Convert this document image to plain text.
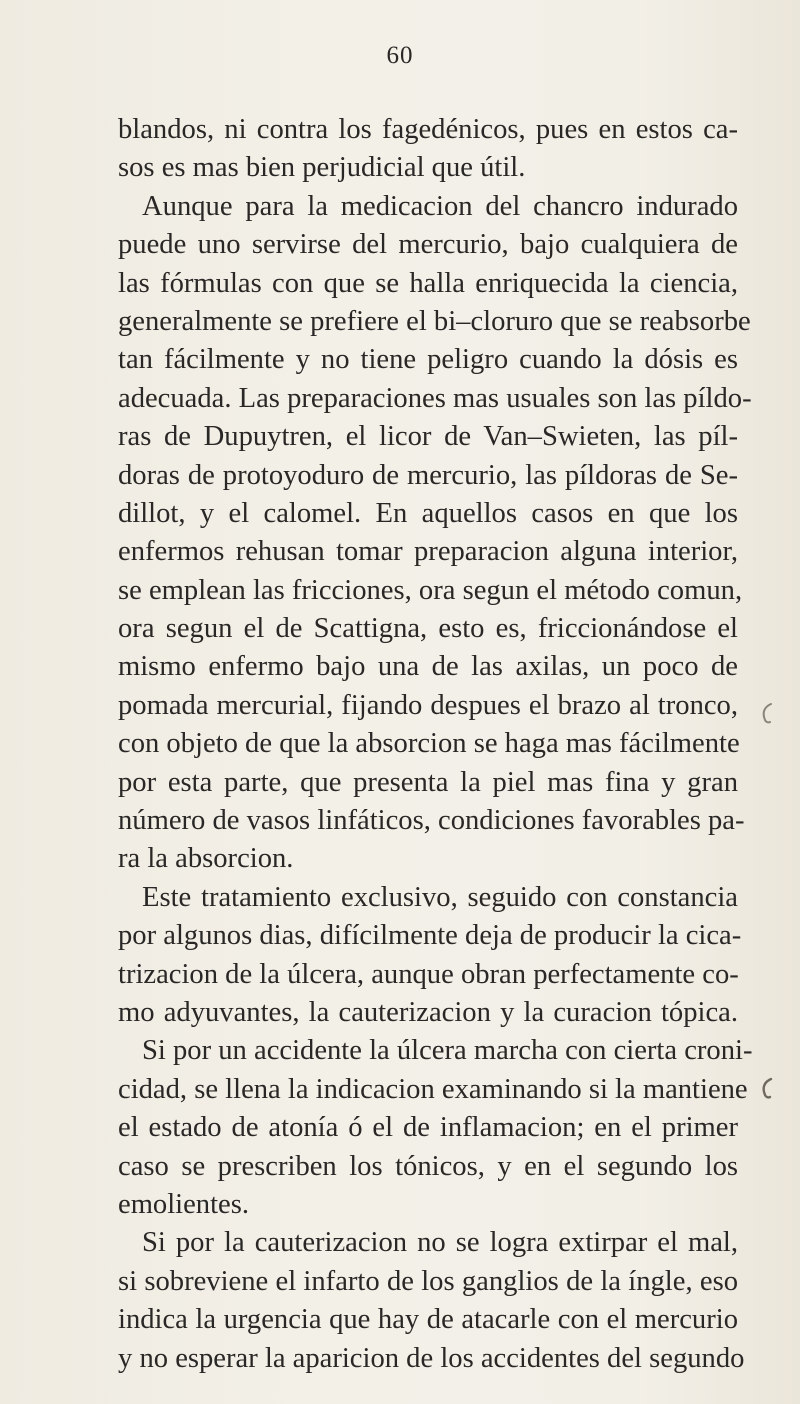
60
blandos, ni contra los fagedénicos, pues en estos ca-
sos es mas bien perjudicial que útil.
Aunque para la medicacion del chancro indurado
puede uno servirse del mercurio, bajo cualquiera de
las fórmulas con que se halla enriquecida la ciencia,
generalmente se prefiere el bi–cloruro que se reabsorbe
tan fácilmente y no tiene peligro cuando la dósis es
adecuada. Las preparaciones mas usuales son las píldo-
ras de Dupuytren, el licor de Van–Swieten, las píl-
doras de protoyoduro de mercurio, las píldoras de Se-
dillot, y el calomel. En aquellos casos en que los
enfermos rehusan tomar preparacion alguna interior,
se emplean las fricciones, ora segun el método comun,
ora segun el de Scattigna, esto es, friccionándose el
mismo enfermo bajo una de las axilas, un poco de
pomada mercurial, fijando despues el brazo al tronco,
con objeto de que la absorcion se haga mas fácilmente
por esta parte, que presenta la piel mas fina y gran
número de vasos linfáticos, condiciones favorables pa-
ra la absorcion.
Este tratamiento exclusivo, seguido con constancia
por algunos dias, difícilmente deja de producir la cica-
trizacion de la úlcera, aunque obran perfectamente co-
mo adyuvantes, la cauterizacion y la curacion tópica.
Si por un accidente la úlcera marcha con cierta croni-
cidad, se llena la indicacion examinando si la mantiene
el estado de atonía ó el de inflamacion; en el primer
caso se prescriben los tónicos, y en el segundo los
emolientes.
Si por la cauterizacion no se logra extirpar el mal,
si sobreviene el infarto de los ganglios de la íngle, eso
indica la urgencia que hay de atacarle con el mercurio
y no esperar la aparicion de los accidentes del segundo
